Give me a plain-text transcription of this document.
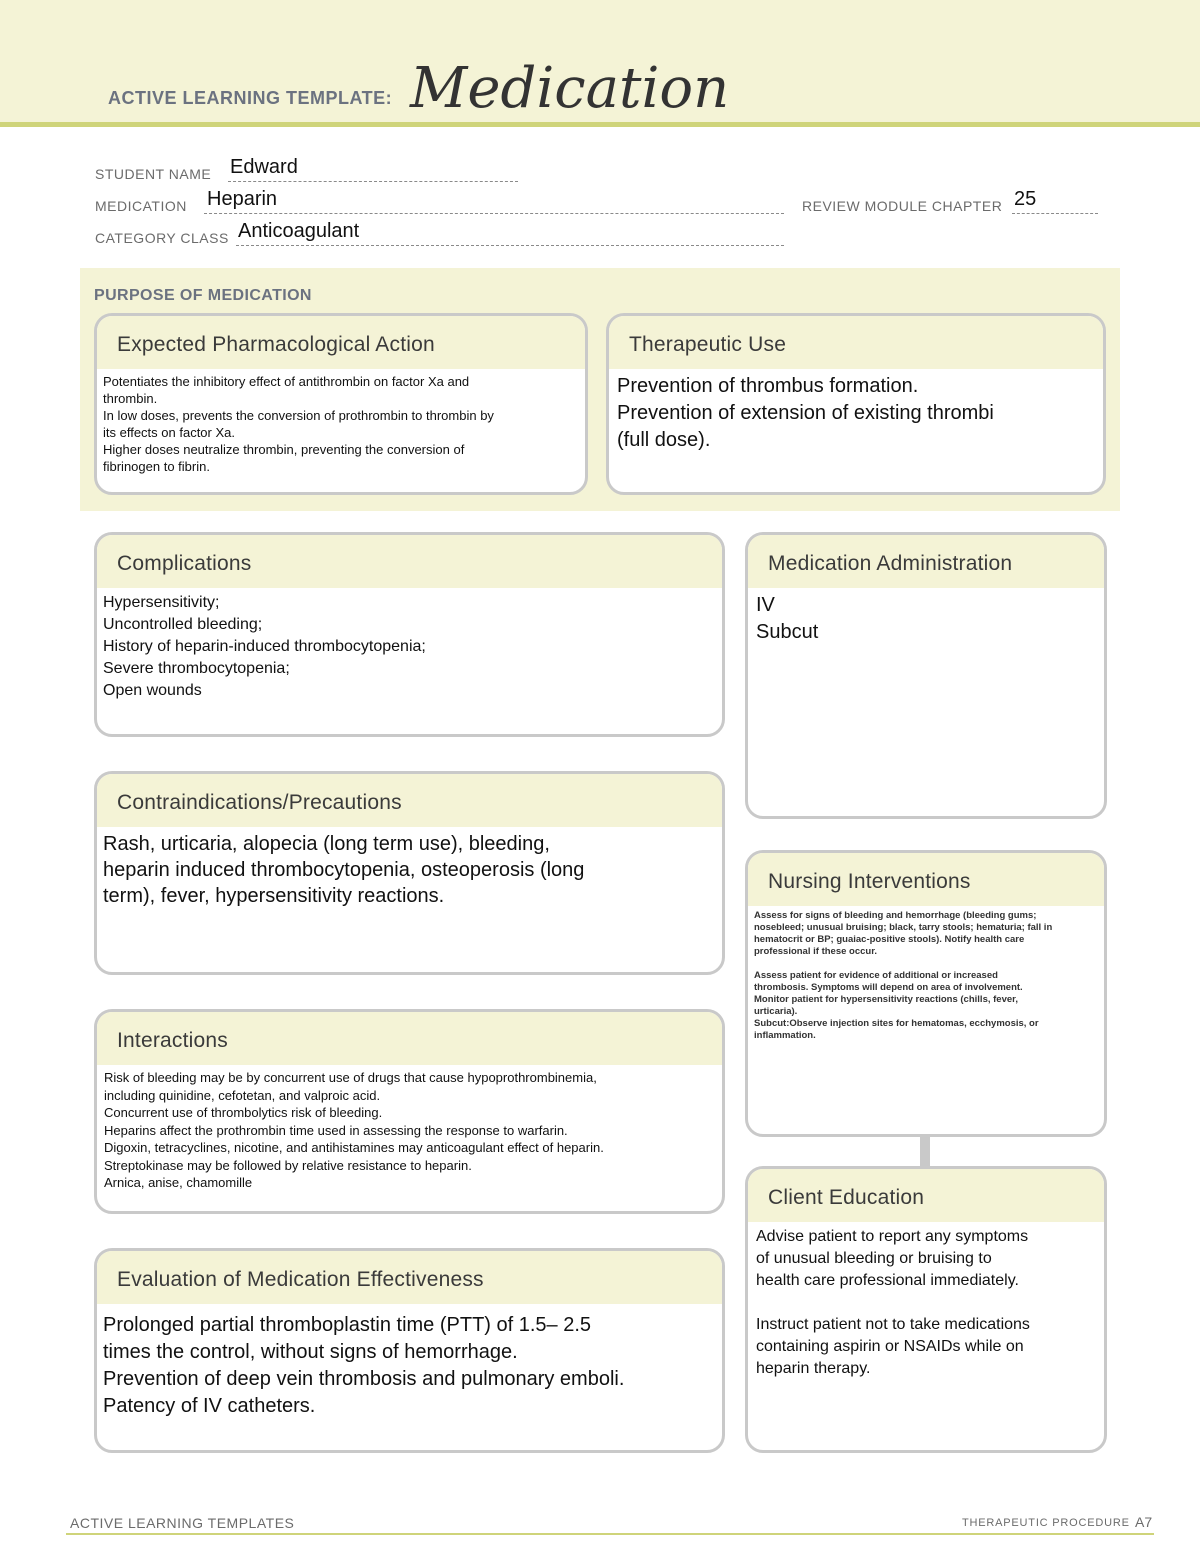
ACTIVE LEARNING TEMPLATE: Medication
STUDENT NAME Edward
MEDICATION Heparin	REVIEW MODULE CHAPTER 25
CATEGORY CLASS Anticoagulant
PURPOSE OF MEDICATION
Expected Pharmacological Action
Potentiates the inhibitory effect of antithrombin on factor Xa and
thrombin.
In low doses, prevents the conversion of prothrombin to thrombin by
its effects on factor Xa.
Higher doses neutralize thrombin, preventing the conversion of
fibrinogen to fibrin.
Therapeutic Use
Prevention of thrombus formation.
Prevention of extension of existing thrombi
(full dose).
Complications
Hypersensitivity;
Uncontrolled bleeding;
History of heparin-induced thrombocytopenia;
Severe thrombocytopenia;
Open wounds
Contraindications/Precautions
Rash, urticaria, alopecia (long term use), bleeding,
heparin induced thrombocytopenia, osteoperosis (long
term), fever, hypersensitivity reactions.
Interactions
Risk of bleeding may be by concurrent use of drugs that cause hypoprothrombinemia,
including quinidine, cefotetan, and valproic acid.
Concurrent use of thrombolytics risk of bleeding.
Heparins affect the prothrombin time used in assessing the response to warfarin.
Digoxin, tetracyclines, nicotine, and antihistamines may anticoagulant effect of heparin.
Streptokinase may be followed by relative resistance to heparin.
Arnica, anise, chamomille
Evaluation of Medication Effectiveness
Prolonged partial thromboplastin time (PTT) of 1.5– 2.5
times the control, without signs of hemorrhage.
Prevention of deep vein thrombosis and pulmonary emboli.
Patency of IV catheters.
Medication Administration
IV
Subcut
Nursing Interventions
Assess for signs of bleeding and hemorrhage (bleeding gums;
nosebleed; unusual bruising; black, tarry stools; hematuria; fall in
hematocrit or BP; guaiac-positive stools). Notify health care
professional if these occur.

Assess patient for evidence of additional or increased
thrombosis. Symptoms will depend on area of involvement.
Monitor patient for hypersensitivity reactions (chills, fever,
urticaria).
Subcut:Observe injection sites for hematomas, ecchymosis, or
inflammation.
Client Education
Advise patient to report any symptoms
of unusual bleeding or bruising to
health care professional immediately.

Instruct patient not to take medications
containing aspirin or NSAIDs while on
heparin therapy.
ACTIVE LEARNING TEMPLATES	THERAPEUTIC PROCEDURE A7
